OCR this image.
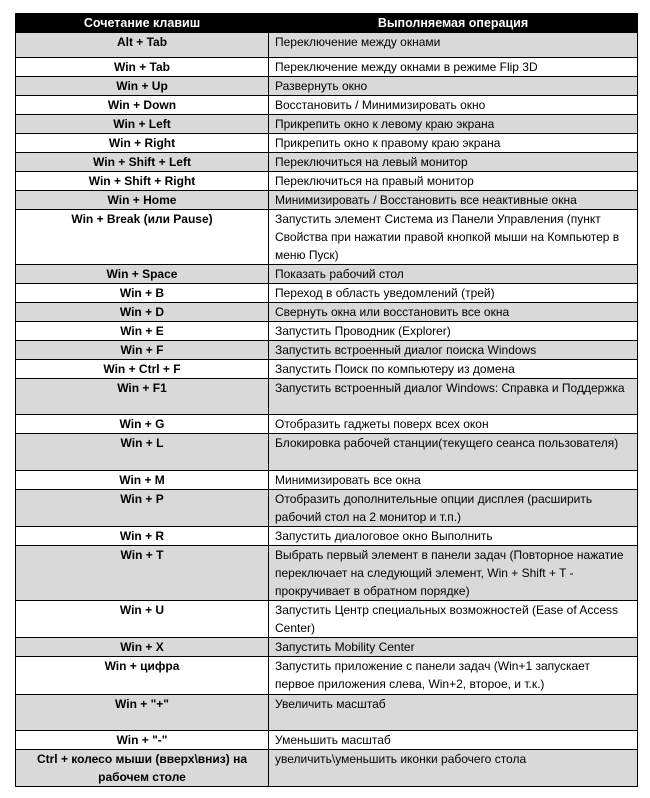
Сочетание клавиш	Выполняемая операция
Alt + Tab	Переключение между окнами
Win + Tab	Переключение между окнами в режиме Flip 3D
Win + Up	Развернуть окно
Win + Down	Восстановить / Минимизировать окно
Win + Left	Прикрепить окно к левому краю экрана
Win + Right	Прикрепить окно к правому краю экрана
Win + Shift + Left	Переключиться на левый монитор
Win + Shift + Right	Переключиться на правый монитор
Win + Home	Минимизировать / Восстановить все неактивные окна
Win + Break (или Pause)	Запустить элемент Система из Панели Управления (пункт Свойства при нажатии правой кнопкой мыши на Компьютер в меню Пуск)
Win + Space	Показать рабочий стол
Win + B	Переход в область уведомлений (трей)
Win + D	Свернуть окна или восстановить все окна
Win + E	Запустить Проводник (Explorer)
Win + F	Запустить встроенный диалог поиска Windows
Win + Ctrl + F	Запустить Поиск по компьютеру из домена
Win + F1	Запустить встроенный диалог Windows: Справка и Поддержка
Win + G	Отобразить гаджеты поверх всех окон
Win + L	Блокировка рабочей станции(текущего сеанса пользователя)
Win + M	Минимизировать все окна
Win + P	Отобразить дополнительные опции дисплея (расширить рабочий стол на 2 монитор и т.п.)
Win + R	Запустить диалоговое окно Выполнить
Win + T	Выбрать первый элемент в панели задач (Повторное нажатие переключает на следующий элемент, Win + Shift + T - прокручивает в обратном порядке)
Win + U	Запустить Центр специальных возможностей (Ease of Access Center)
Win + X	Запустить Mobility Center
Win + цифра	Запустить приложение с панели задач (Win+1 запускает первое приложения слева, Win+2, второе, и т.к.)
Win + "+"	Увеличить масштаб
Win + "-"	Уменьшить масштаб
Ctrl + колесо мыши (вверх\вниз) на рабочем столе	увеличить\уменьшить иконки рабочего стола
